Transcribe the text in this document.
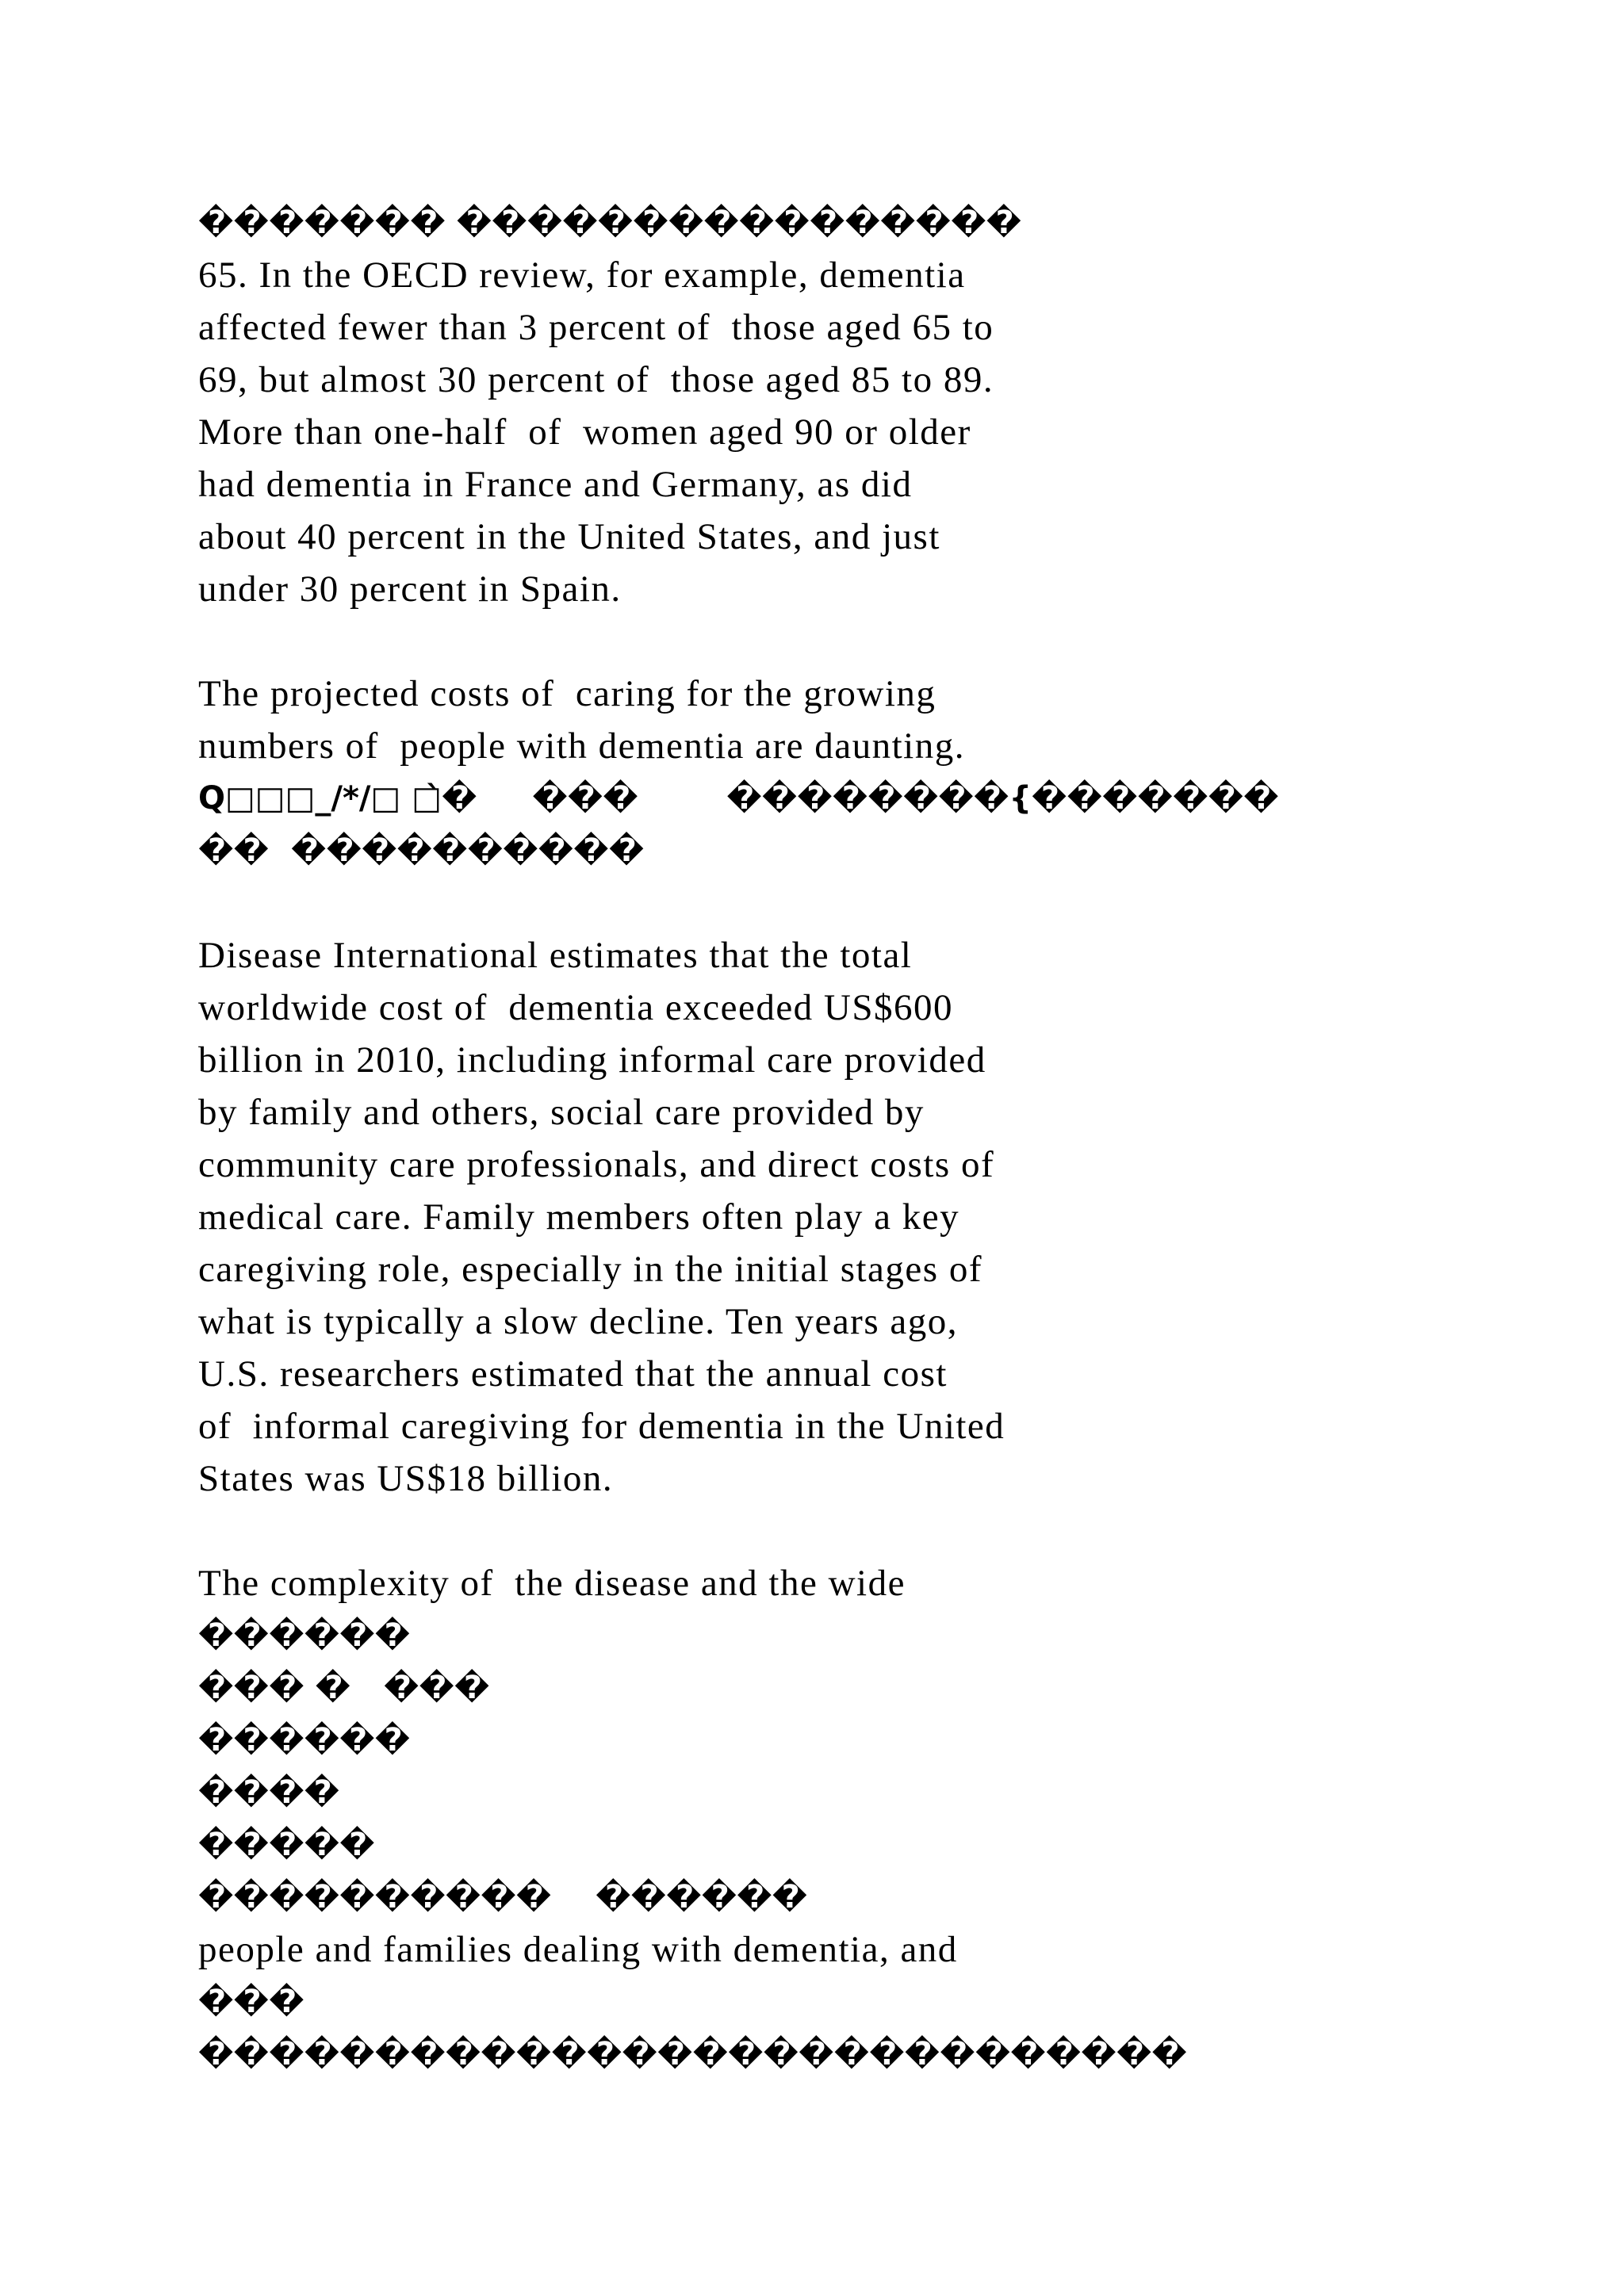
������� ����������������
65. In the OECD review, for example, dementia
affected fewer than 3 percent of  those aged 65 to
69, but almost 30 percent of  those aged 85 to 89.
More than one-half  of  women aged 90 or older
had dementia in France and Germany, as did
about 40 percent in the United States, and just
under 30 percent in Spain.
The projected costs of  caring for the growing
numbers of  people with dementia are daunting.
Q□□□_/*/□ □̀�     ���        ��������{�������
��  ����������
Disease International estimates that the total
worldwide cost of  dementia exceeded US$600
billion in 2010, including informal care provided
by family and others, social care provided by
community care professionals, and direct costs of
medical care. Family members often play a key
caregiving role, especially in the initial stages of
what is typically a slow decline. Ten years ago,
U.S. researchers estimated that the annual cost
of  informal caregiving for dementia in the United
States was US$18 billion.
The complexity of  the disease and the wide
������
��� �   ���
������
����
�����
����������    ������
people and families dealing with dementia, and
���
����������������������������
